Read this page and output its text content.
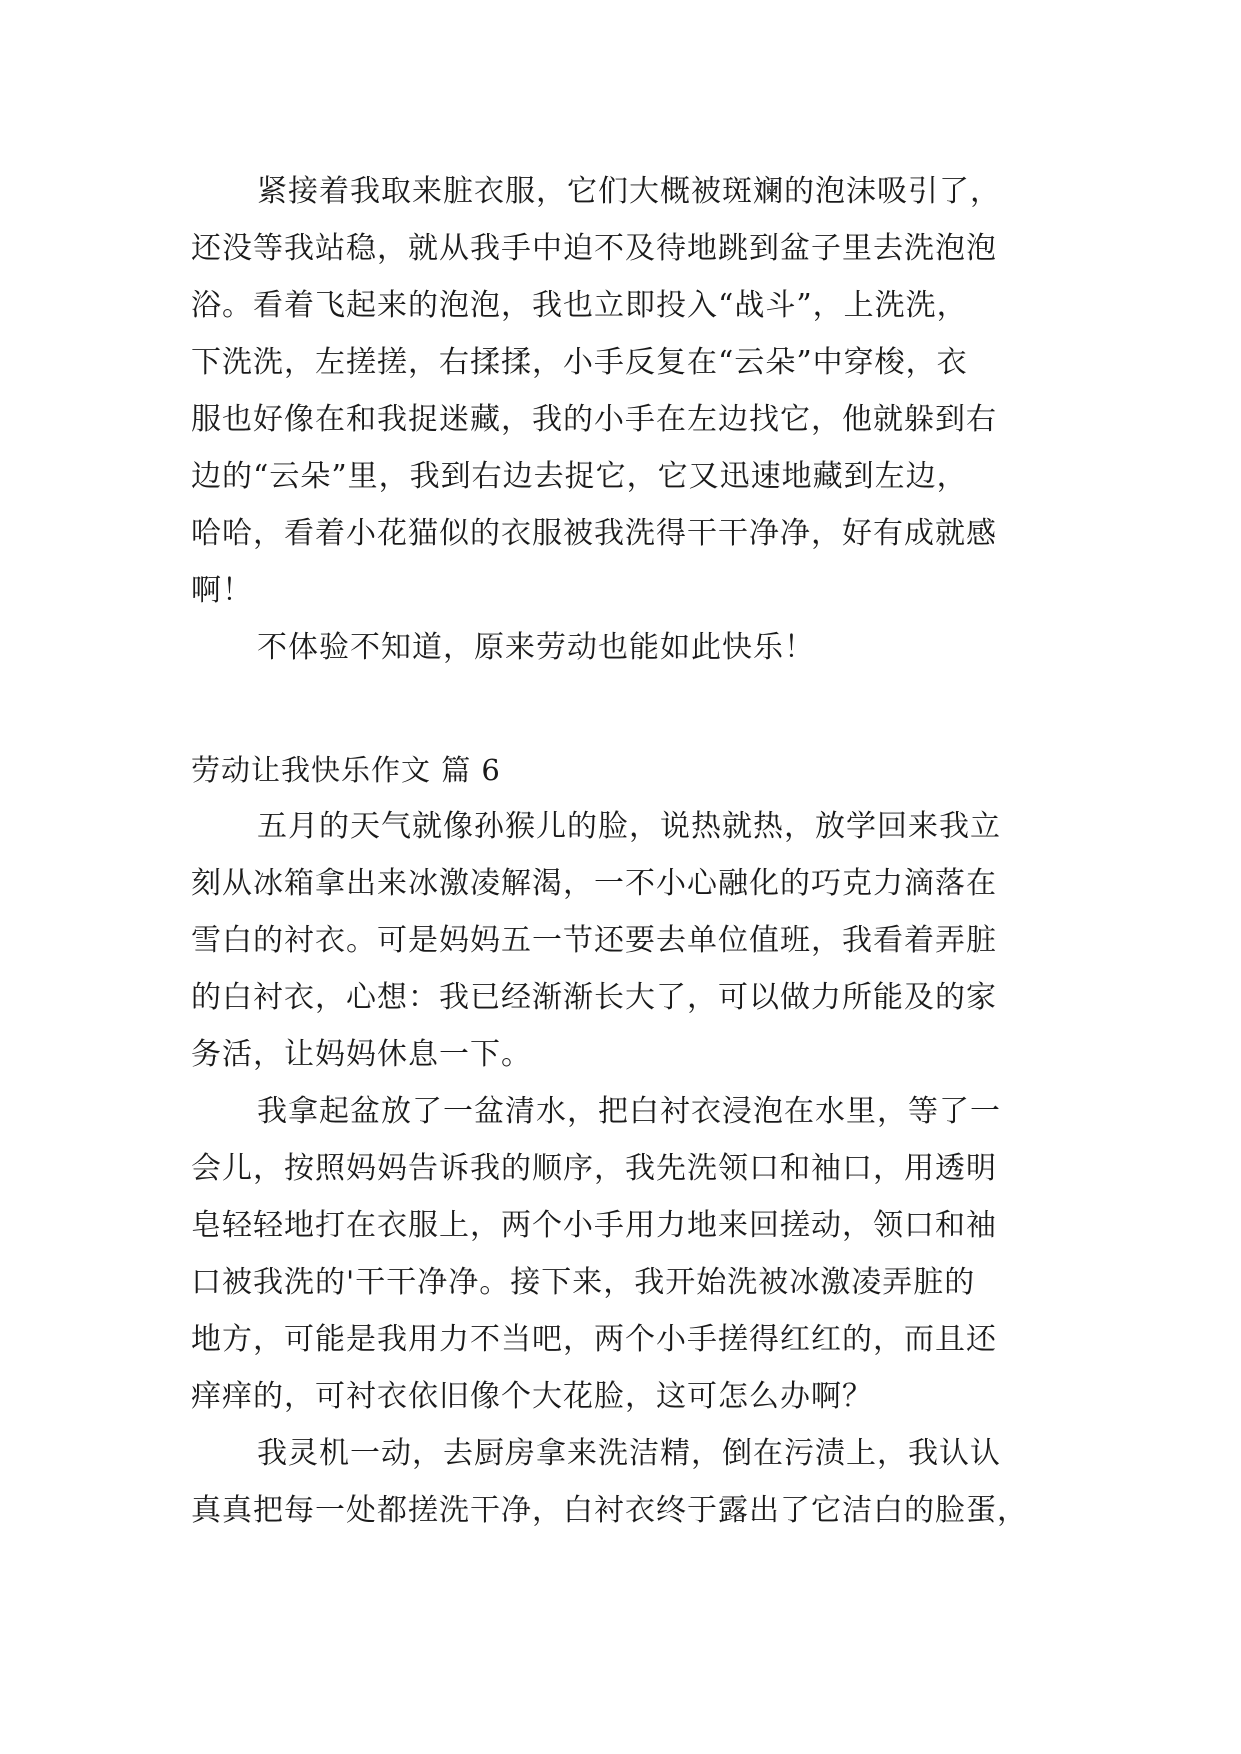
紧接着我取来脏衣服，它们大概被斑斓的泡沫吸引了，
还没等我站稳，就从我手中迫不及待地跳到盆子里去洗泡泡
浴。看着飞起来的泡泡，我也立即投入“战斗”，上洗洗，
下洗洗，左搓搓，右揉揉，小手反复在“云朵”中穿梭，衣
服也好像在和我捉迷藏，我的小手在左边找它，他就躲到右
边的“云朵”里，我到右边去捉它，它又迅速地藏到左边，
哈哈，看着小花猫似的衣服被我洗得干干净净，好有成就感
啊！
不体验不知道，原来劳动也能如此快乐！
劳动让我快乐作文 篇 6
五月的天气就像孙猴儿的脸，说热就热，放学回来我立
刻从冰箱拿出来冰激凌解渴，一不小心融化的巧克力滴落在
雪白的衬衣。可是妈妈五一节还要去单位值班，我看着弄脏
的白衬衣，心想：我已经渐渐长大了，可以做力所能及的家
务活，让妈妈休息一下。
我拿起盆放了一盆清水，把白衬衣浸泡在水里，等了一
会儿，按照妈妈告诉我的顺序，我先洗领口和袖口，用透明
皂轻轻地打在衣服上，两个小手用力地来回搓动，领口和袖
口被我洗的'干干净净。接下来，我开始洗被冰激凌弄脏的
地方，可能是我用力不当吧，两个小手搓得红红的，而且还
痒痒的，可衬衣依旧像个大花脸，这可怎么办啊？
我灵机一动，去厨房拿来洗洁精，倒在污渍上，我认认
真真把每一处都搓洗干净，白衬衣终于露出了它洁白的脸蛋，
